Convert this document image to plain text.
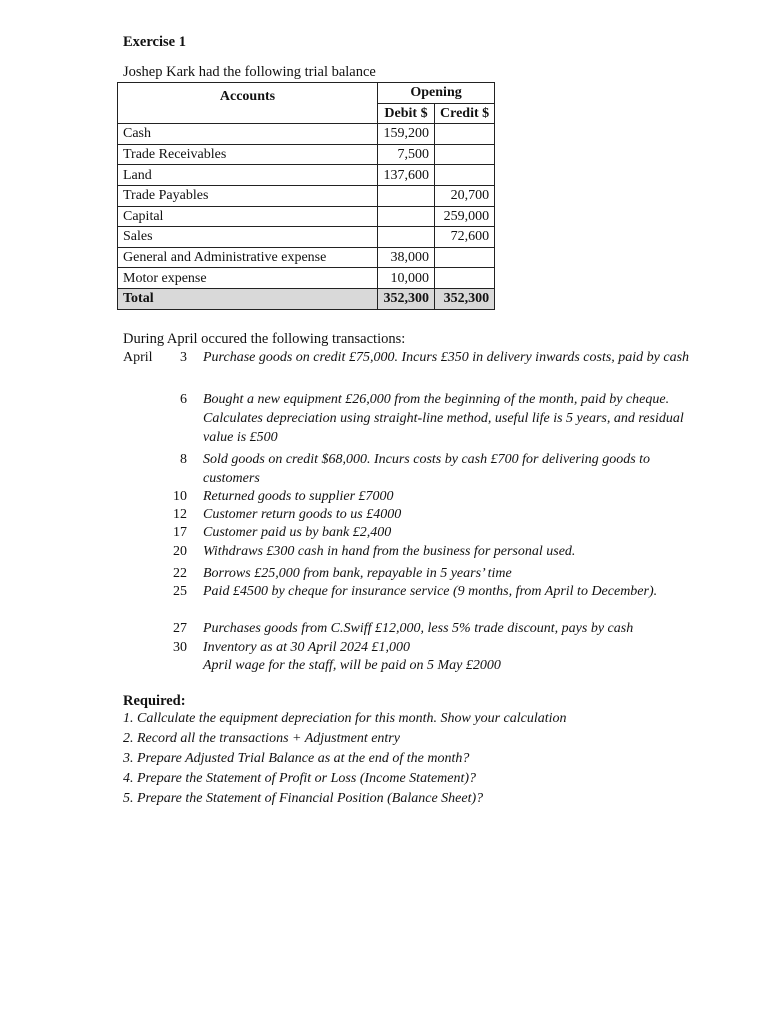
Exercise 1
Joshep Kark had the following trial balance
Accounts	Opening	
	Debit $	Credit $
Cash	159,200	
Trade Receivables	7,500	
Land	137,600	
Trade Payables		20,700
Capital		259,000
Sales		72,600
General and Administrative expense	38,000	
Motor expense	10,000	
Total	352,300	352,300
During April occured the following transactions:
April	3 Purchase goods on credit £75,000. Incurs £350 in delivery inwards costs, paid by cash
6 Bought a new equipment £26,000 from the beginning of the month, paid by cheque. Calculates depreciation using straight-line method, useful life is 5 years, and residual value is £500
8 Sold goods on credit $68,000. Incurs costs by cash £700 for delivering goods to customers
10 Returned goods to supplier £7000
12 Customer return goods to us £4000
17 Customer paid us by bank £2,400
20 Withdraws £300 cash in hand from the business for personal used.
22 Borrows £25,000 from bank, repayable in 5 years’ time
25 Paid £4500 by cheque for insurance service (9 months, from April to December).
27 Purchases goods from C.Swiff £12,000, less 5% trade discount, pays by cash
30 Inventory as at 30 April 2024 £1,000
April wage for the staff, will be paid on 5 May £2000
Required:
1. Callculate the equipment depreciation for this month. Show your calculation
2. Record all the transactions + Adjustment entry
3. Prepare Adjusted Trial Balance as at the end of the month?
4. Prepare the Statement of Profit or Loss (Income Statement)?
5. Prepare the Statement of Financial Position (Balance Sheet)?
